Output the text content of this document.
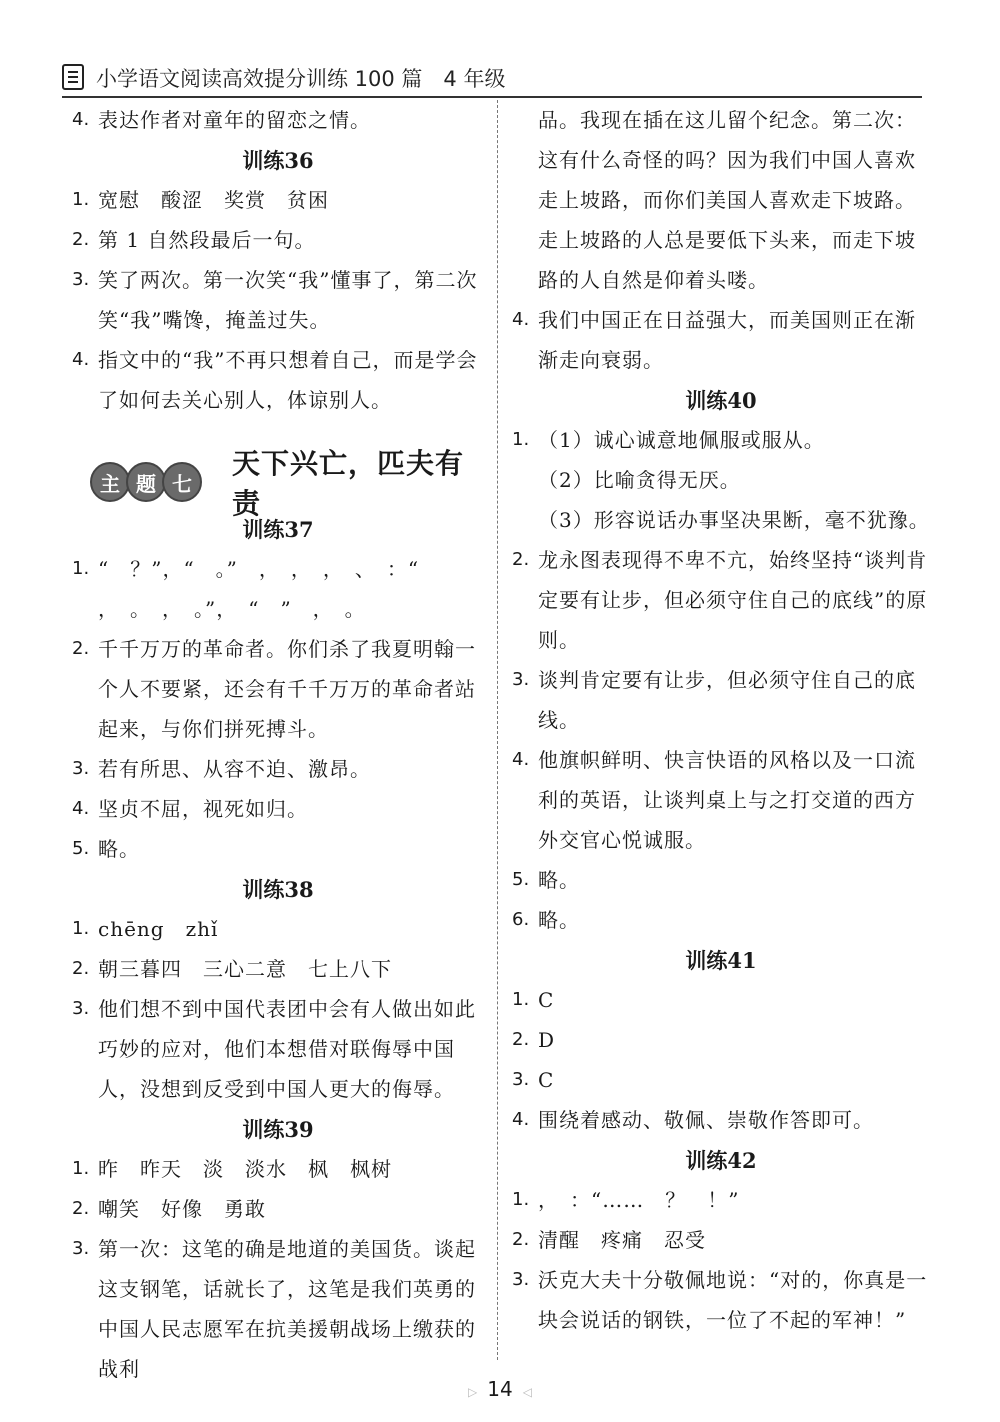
小学语文阅读高效提分训练 100 篇　4 年级
4. 表达作者对童年的留恋之情。
训练36
1. 宽慰　酸涩　奖赏　贫困
2. 第 1 自然段最后一句。
3. 笑了两次。第一次笑“我”懂事了，第二次笑“我”嘴馋，掩盖过失。
4. 指文中的“我”不再只想着自己，而是学会了如何去关心别人，体谅别人。
主 题 七
天下兴亡，匹夫有责
训练37
1. “　？”，“　。”　，　，　，　、　：“
，　。　，　。”，　“　”　，　。
2. 千千万万的革命者。你们杀了我夏明翰一个人不要紧，还会有千千万万的革命者站起来，与你们拼死搏斗。
3. 若有所思、从容不迫、激昂。
4. 坚贞不屈，视死如归。
5. 略。
训练38
1. chēng　zhǐ
2. 朝三暮四　三心二意　七上八下
3. 他们想不到中国代表团中会有人做出如此巧妙的应对，他们本想借对联侮辱中国人，没想到反受到中国人更大的侮辱。
训练39
1. 昨　昨天　淡　淡水　枫　枫树
2. 嘲笑　好像　勇敢
3. 第一次：这笔的确是地道的美国货。谈起这支钢笔，话就长了，这笔是我们英勇的中国人民志愿军在抗美援朝战场上缴获的战利
品。我现在插在这儿留个纪念。第二次：这有什么奇怪的吗？因为我们中国人喜欢走上坡路，而你们美国人喜欢走下坡路。走上坡路的人总是要低下头来，而走下坡路的人自然是仰着头喽。
4. 我们中国正在日益强大，而美国则正在渐渐走向衰弱。
训练40
1. （1）诚心诚意地佩服或服从。
（2）比喻贪得无厌。
（3）形容说话办事坚决果断，毫不犹豫。
2. 龙永图表现得不卑不亢，始终坚持“谈判肯定要有让步，但必须守住自己的底线”的原则。
3. 谈判肯定要有让步，但必须守住自己的底线。
4. 他旗帜鲜明、快言快语的风格以及一口流利的英语，让谈判桌上与之打交道的西方外交官心悦诚服。
5. 略。
6. 略。
训练41
1. C
2. D
3. C
4. 围绕着感动、敬佩、崇敬作答即可。
训练42
1. ，　：“……　？　！”
2. 清醒　疼痛　忍受
3. 沃克大夫十分敬佩地说：“对的，你真是一块会说话的钢铁，一位了不起的军神！”
▷ 14 ◁
